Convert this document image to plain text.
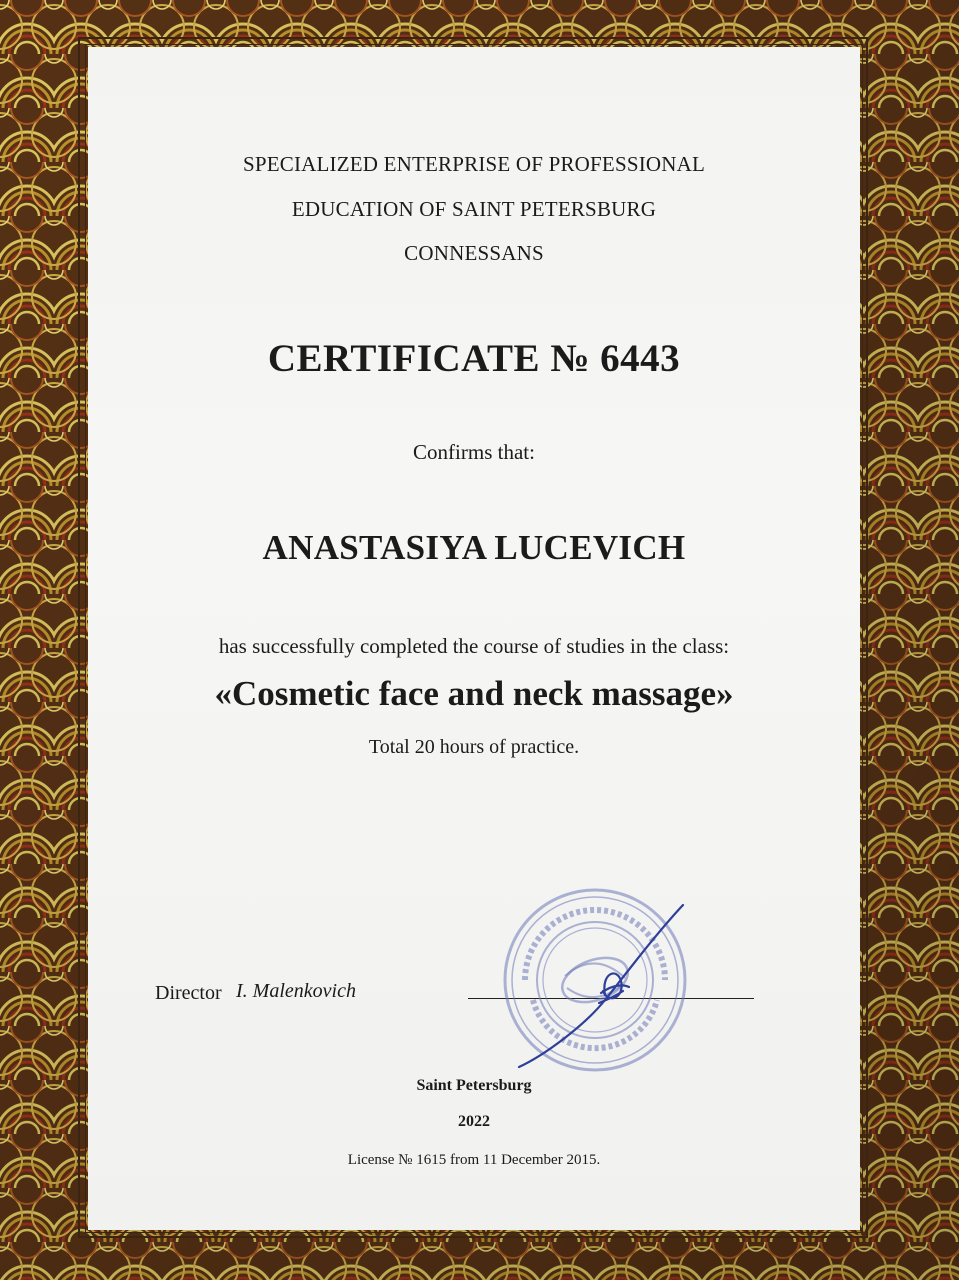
SPECIALIZED ENTERPRISE OF PROFESSIONAL
EDUCATION OF SAINT PETERSBURG
CONNESSANS
CERTIFICATE № 6443
Confirms that:
ANASTASIYA LUCEVICH
has successfully completed the course of studies in the class:
«Cosmetic face and neck massage»
Total 20 hours of practice.
Director I. Malenkovich
Saint Petersburg
2022
License № 1615 from 11 December 2015.
